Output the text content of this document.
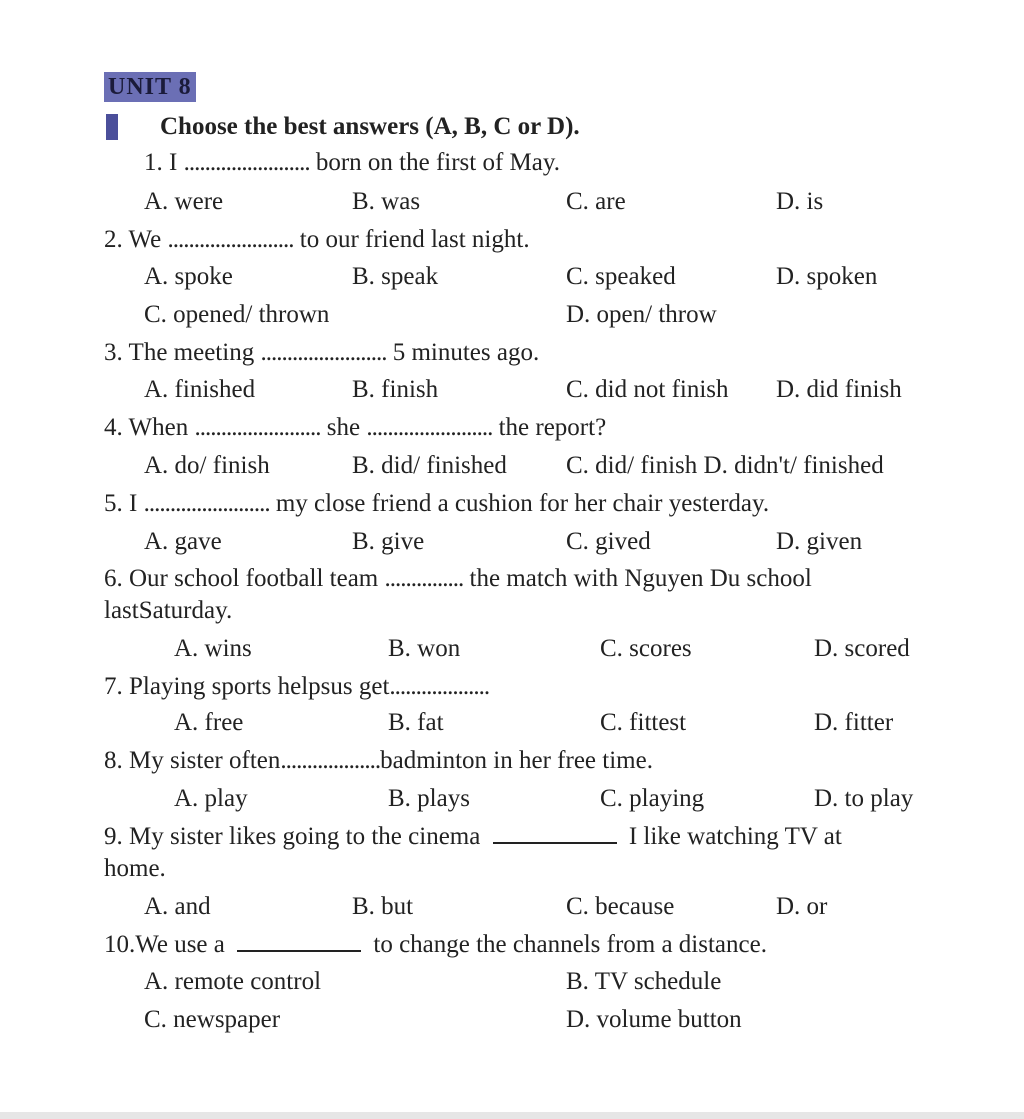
UNIT 8
Choose the best answers (A, B, C or D).
1. I ........................ born on the first of May.
A. were	B. was	C. are	D. is
2. We ........................ to our friend last night.
A. spoke	B. speak	C. speaked	D. spoken
C. opened/ thrown	D. open/ throw
3. The meeting ........................ 5 minutes ago.
A. finished	B. finish	C. did not finish D. did finish
4. When ........................ she ........................ the report?
A. do/ finish	B. did/ finished C. did/ finish D. didn't/ finished
5. I ........................ my close friend a cushion for her chair yesterday.
A. gave	B. give	C. gived	D. given
6. Our school football team ............... the match with Nguyen Du school
lastSaturday.
A. wins	B. won	C. scores	D. scored
7. Playing sports helpsus get...................
A. free	B. fat	C. fittest	D. fitter
8. My sister often...................badminton in her free time.
A. play	B. plays	C. playing	D. to play
9. My sister likes going to the cinema	I like watching TV at
home.
A. and	B. but	C. because	D. or
10.We use a	to change the channels from a distance.
A. remote control	B. TV schedule
C. newspaper	D. volume button
